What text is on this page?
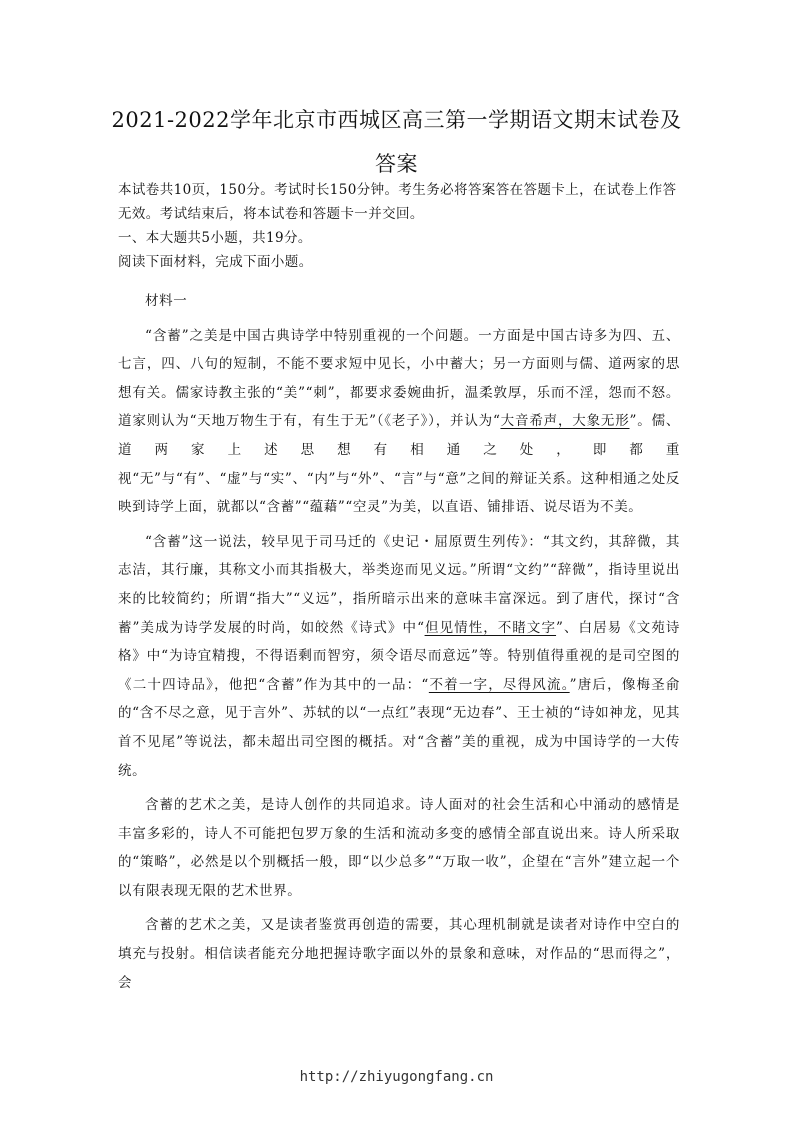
2021-2022学年北京市西城区高三第一学期语文期末试卷及答案

本试卷共10页，150分。考试时长150分钟。考生务必将答案答在答题卡上，在试卷上作答无效。考试结束后，将本试卷和答题卡一并交回。

一、本大题共5小题，共19分。

阅读下面材料，完成下面小题。

材料一

“含蓄”之美是中国古典诗学中特别重视的一个问题。一方面是中国古诗多为四、五、七言，四、八句的短制，不能不要求短中见长，小中蓄大；另一方面则与儒、道两家的思想有关。儒家诗教主张的“美”“刺”，都要求委婉曲折，温柔敦厚，乐而不淫，怨而不怒。道家则认为“天地万物生于有，有生于无”（《老子》），并认为“大音希声，大象无形”。儒、道两家上述思想有相通之处，即都重视“无”与“有”、“虚”与“实”、“内”与“外”、“言”与“意”之间的辩证关系。这种相通之处反映到诗学上面，就都以“含蓄”“蕴藉”“空灵”为美，以直语、铺排语、说尽语为不美。

“含蓄”这一说法，较早见于司马迁的《史记・屈原贾生列传》：“其文约，其辞微，其志洁，其行廉，其称文小而其指极大，举类迩而见义远。”所谓“文约”“辞微”，指诗里说出来的比较简约；所谓“指大”“义远”，指所暗示出来的意味丰富深远。到了唐代，探讨“含蓄”美成为诗学发展的时尚，如皎然《诗式》中“但见情性，不睹文字”、白居易《文苑诗格》中“为诗宜精搜，不得语剩而智穷，须令语尽而意远”等。特别值得重视的是司空图的《二十四诗品》，他把“含蓄”作为其中的一品：“不着一字，尽得风流。”唐后，像梅圣俞的“含不尽之意，见于言外”、苏轼的以“一点红”表现“无边春”、王士祯的“诗如神龙，见其首不见尾”等说法，都未超出司空图的概括。对“含蓄”美的重视，成为中国诗学的一大传统。

含蓄的艺术之美，是诗人创作的共同追求。诗人面对的社会生活和心中涌动的感情是丰富多彩的，诗人不可能把包罗万象的生活和流动多变的感情全部直说出来。诗人所采取的“策略”，必然是以个别概括一般，即“以少总多”“万取一收”，企望在“言外”建立起一个以有限表现无限的艺术世界。

含蓄的艺术之美，又是读者鉴赏再创造的需要，其心理机制就是读者对诗作中空白的填充与投射。相信读者能充分地把握诗歌字面以外的景象和意味，对作品的“思而得之”，会

http://zhiyugongfang.cn
